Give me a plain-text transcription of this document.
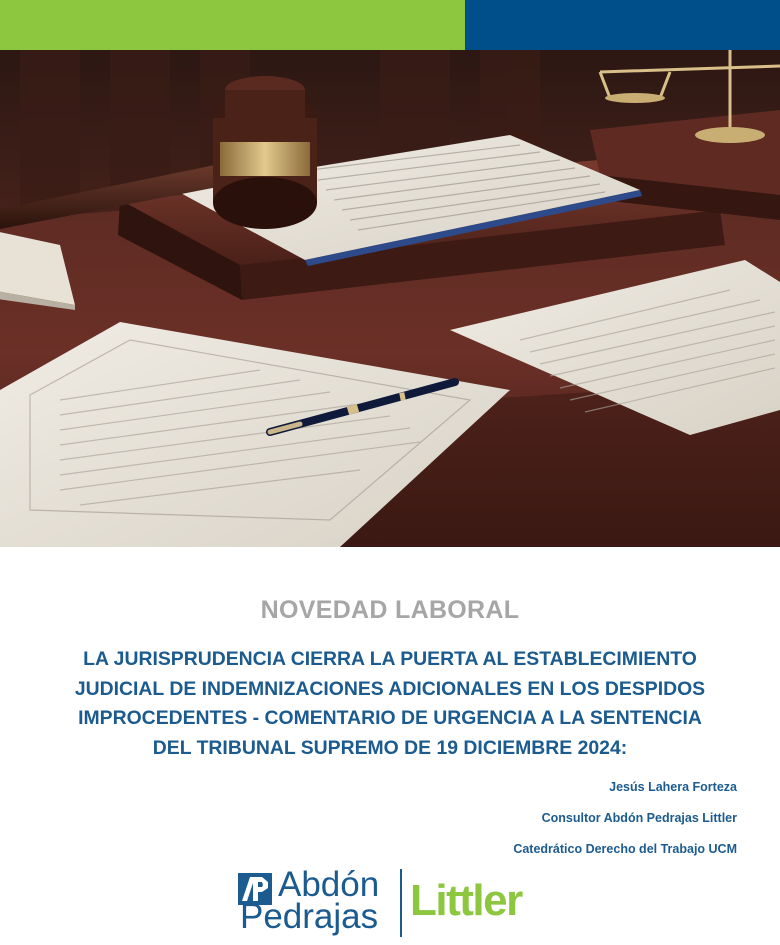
NOVEDAD LABORAL
LA JURISPRUDENCIA CIERRA LA PUERTA AL ESTABLECIMIENTO
JUDICIAL DE INDEMNIZACIONES ADICIONALES EN LOS DESPIDOS
IMPROCEDENTES - COMENTARIO DE URGENCIA A LA SENTENCIA
DEL TRIBUNAL SUPREMO DE 19 DICIEMBRE 2024:
Jesús Lahera Forteza
Consultor Abdón Pedrajas Littler
Catedrático Derecho del Trabajo UCM
Abdón
Pedrajas Littler
